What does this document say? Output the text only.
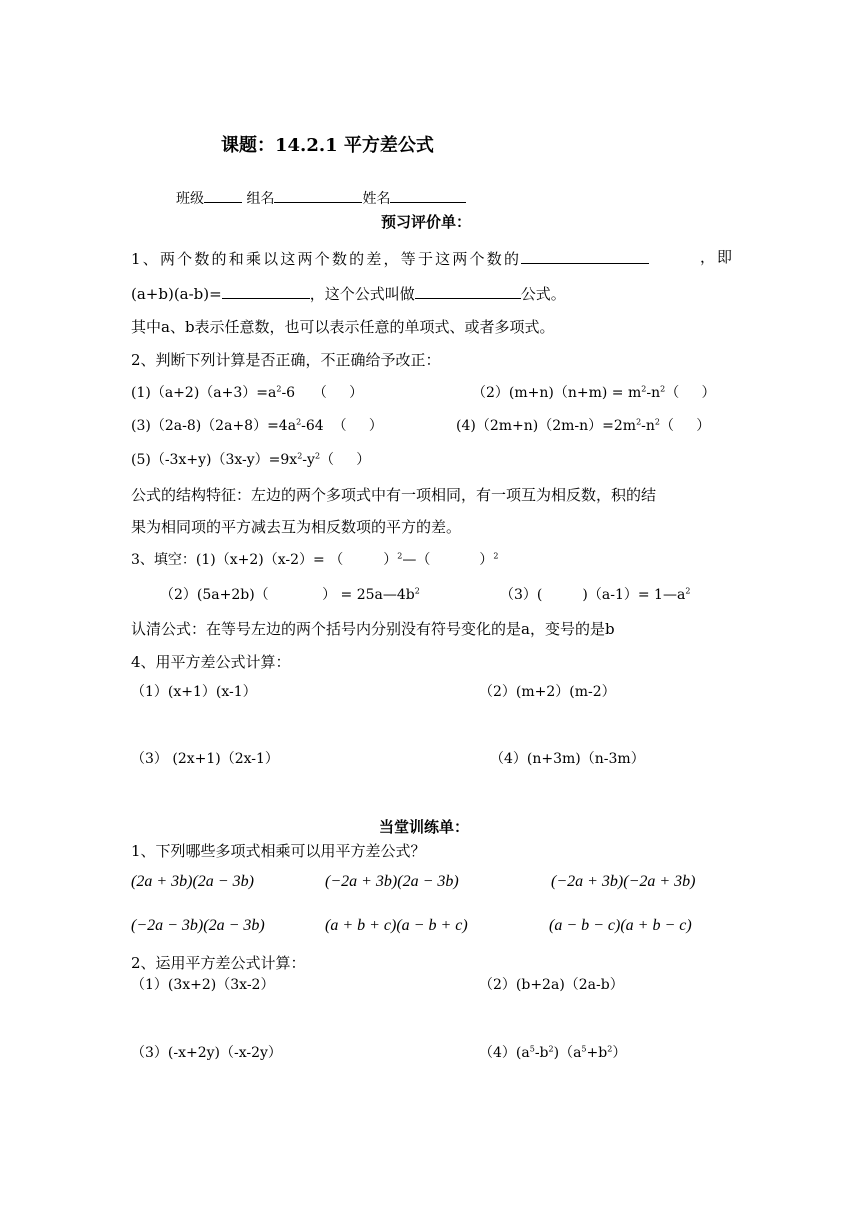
课题：14.2.1 平方差公式
班级	组名	姓名
预习评价单：
1、两个数的和乘以这两个数的差，等于这两个数的	，即
(a+b)(a-b)=	，这个公式叫做	公式。
其中a、b表示任意数，也可以表示任意的单项式、或者多项式。
2、判断下列计算是否正确，不正确给予改正：
$(1)(a+2)(a+3)=a^2-6$    （     ）	$(2)(m+n)(n+m) = m^2-n^2$（     ）
$(3)(2a-8)(2a+8)=4a^2-64$  （     ）	$(4)(2m+n)(2m-n)=2m^2-n^2$（     ）
$(5)(-3x+y)(3x-y)=9x^2-y^2$（     ）
公式的结构特征：左边的两个多项式中有一项相同，有一项互为相反数，积的结
果为相同项的平方减去互为相反数项的平方的差。
3、填空：(1)（x+2)（x-2）= （         ）$^2$—（           ）$^2$
（2）(5a+2b)（            ） = $25a—4b^2$	（3）(         )$(a-1)= 1—a^2$
认清公式：在等号左边的两个括号内分别没有符号变化的是a，变号的是b
4、用平方差公式计算：
（1）(x+1）(x-1）	（2）(m+2）(m-2）
（3） (2x+1)（2x-1）	（4）(n+3m)（n-3m）
当堂训练单：
1、下列哪些多项式相乘可以用平方差公式？
(2a + 3b)(2a − 3b)	(−2a + 3b)(2a − 3b)	(−2a + 3b)(−2a + 3b)
(−2a − 3b)(2a − 3b)	(a + b + c)(a − b + c)	(a − b − c)(a + b − c)
2、运用平方差公式计算：
（1）(3x+2)（3x-2）	（2）(b+2a)（2a-b）
（3）(-x+2y)（-x-2y）	$(4)(a^5-b^2)(a^5+b^2)$
